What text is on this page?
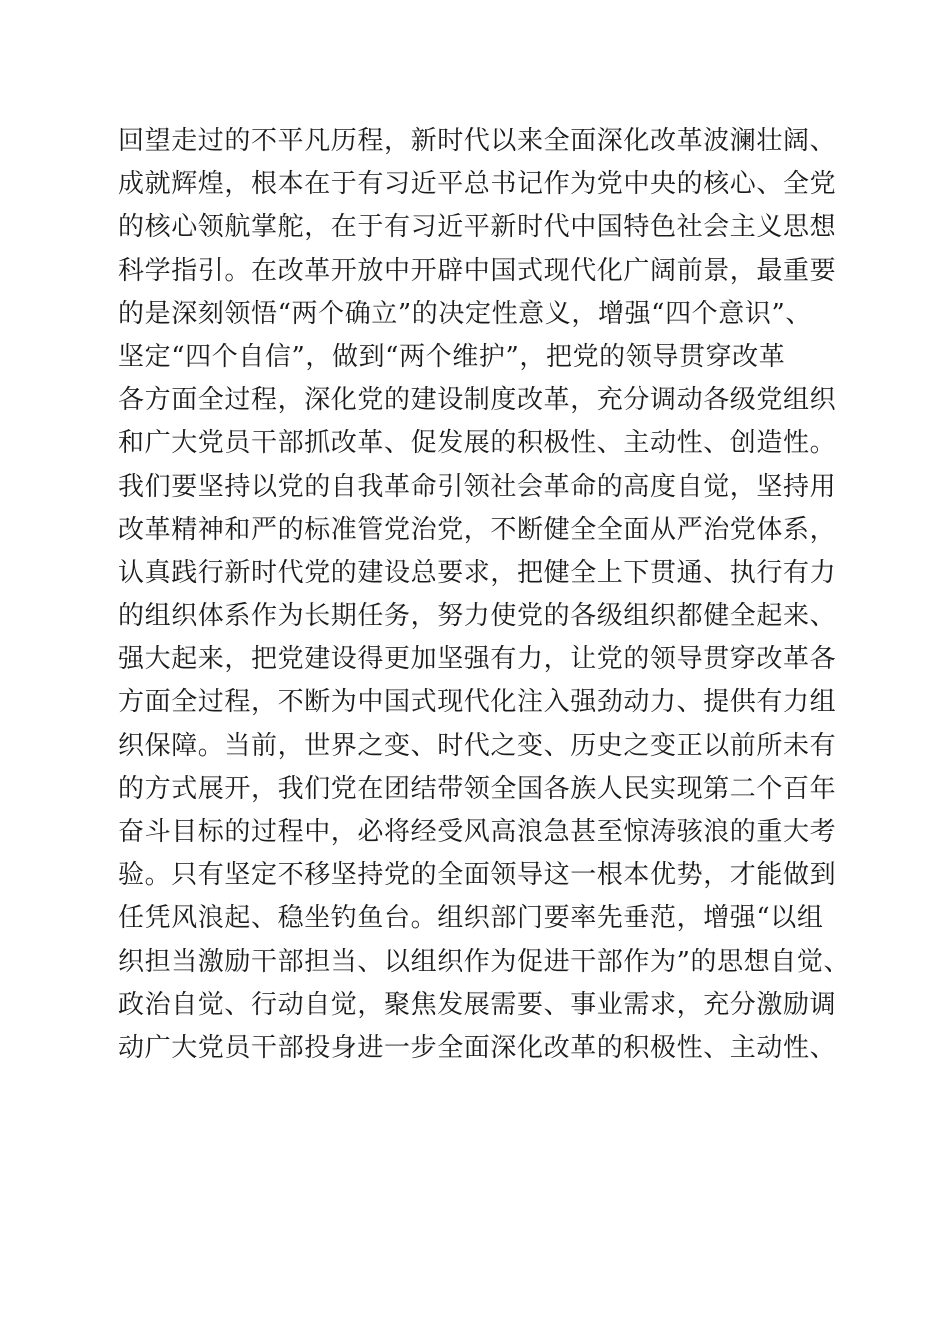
回望走过的不平凡历程，新时代以来全面深化改革波澜壮阔、
成就辉煌，根本在于有习近平总书记作为党中央的核心、全党
的核心领航掌舵，在于有习近平新时代中国特色社会主义思想
科学指引。在改革开放中开辟中国式现代化广阔前景，最重要
的是深刻领悟“两个确立”的决定性意义，增强“四个意识”、
坚定“四个自信”，做到“两个维护”，把党的领导贯穿改革
各方面全过程，深化党的建设制度改革，充分调动各级党组织
和广大党员干部抓改革、促发展的积极性、主动性、创造性。
我们要坚持以党的自我革命引领社会革命的高度自觉，坚持用
改革精神和严的标准管党治党，不断健全全面从严治党体系，
认真践行新时代党的建设总要求，把健全上下贯通、执行有力
的组织体系作为长期任务，努力使党的各级组织都健全起来、
强大起来，把党建设得更加坚强有力，让党的领导贯穿改革各
方面全过程，不断为中国式现代化注入强劲动力、提供有力组
织保障。当前，世界之变、时代之变、历史之变正以前所未有
的方式展开，我们党在团结带领全国各族人民实现第二个百年
奋斗目标的过程中，必将经受风高浪急甚至惊涛骇浪的重大考
验。只有坚定不移坚持党的全面领导这一根本优势，才能做到
任凭风浪起、稳坐钓鱼台。组织部门要率先垂范，增强“以组
织担当激励干部担当、以组织作为促进干部作为”的思想自觉、
政治自觉、行动自觉，聚焦发展需要、事业需求，充分激励调
动广大党员干部投身进一步全面深化改革的积极性、主动性、
